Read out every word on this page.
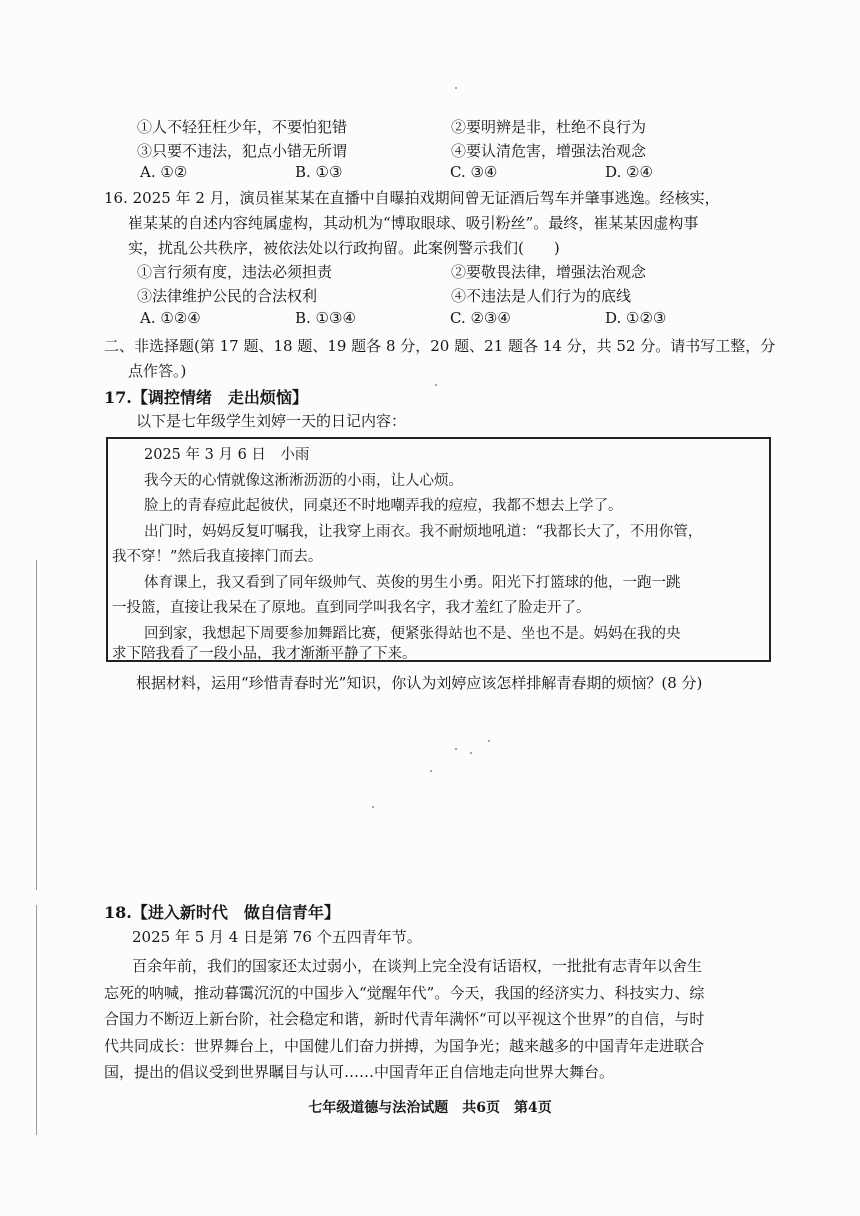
①人不轻狂枉少年，不要怕犯错	②要明辨是非，杜绝不良行为
③只要不违法，犯点小错无所谓	④要认清危害，增强法治观念
A. ①②	B. ①③	C. ③④	D. ②④
16. 2025 年 2 月，演员崔某某在直播中自曝拍戏期间曾无证酒后驾车并肇事逃逸。经核实，
崔某某的自述内容纯属虚构，其动机为“博取眼球、吸引粉丝”。最终，崔某某因虚构事
实，扰乱公共秩序，被依法处以行政拘留。此案例警示我们(　　)
①言行须有度，违法必须担责	②要敬畏法律，增强法治观念
③法律维护公民的合法权利	④不违法是人们行为的底线
A. ①②④	B. ①③④	C. ②③④	D. ①②③
二、非选择题(第 17 题、18 题、19 题各 8 分，20 题、21 题各 14 分，共 52 分。请书写工整，分
点作答。)
17.【调控情绪　走出烦恼】
以下是七年级学生刘婷一天的日记内容：
2025 年 3 月 6 日　小雨
我今天的心情就像这淅淅沥沥的小雨，让人心烦。
脸上的青春痘此起彼伏，同桌还不时地嘲弄我的痘痘，我都不想去上学了。
出门时，妈妈反复叮嘱我，让我穿上雨衣。我不耐烦地吼道：“我都长大了，不用你管，
我不穿！”然后我直接摔门而去。
体育课上，我又看到了同年级帅气、英俊的男生小勇。阳光下打篮球的他，一跑一跳
一投篮，直接让我呆在了原地。直到同学叫我名字，我才羞红了脸走开了。
回到家，我想起下周要参加舞蹈比赛，便紧张得站也不是、坐也不是。妈妈在我的央
求下陪我看了一段小品，我才渐渐平静了下来。
根据材料，运用“珍惜青春时光”知识，你认为刘婷应该怎样排解青春期的烦恼？(8 分)
18.【进入新时代　做自信青年】
2025 年 5 月 4 日是第 76 个五四青年节。
百余年前，我们的国家还太过弱小，在谈判上完全没有话语权，一批批有志青年以舍生
忘死的呐喊，推动暮霭沉沉的中国步入“觉醒年代”。今天，我国的经济实力、科技实力、综
合国力不断迈上新台阶，社会稳定和谐，新时代青年满怀“可以平视这个世界”的自信，与时
代共同成长：世界舞台上，中国健儿们奋力拼搏，为国争光；越来越多的中国青年走进联合
国，提出的倡议受到世界瞩目与认可……中国青年正自信地走向世界大舞台。
七年级道德与法治试题　共6页　第4页
